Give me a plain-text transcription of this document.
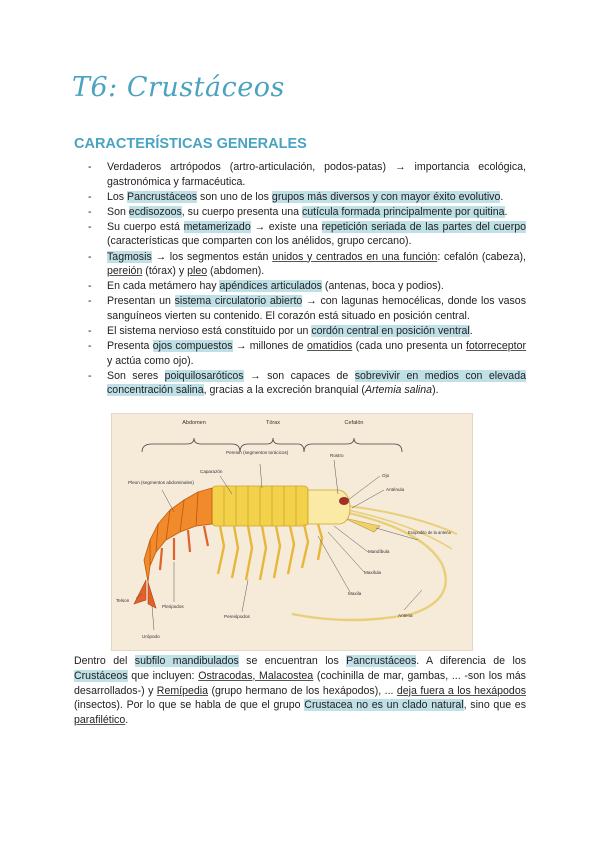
T6: Crustáceos
CARACTERÍSTICAS GENERALES
- Verdaderos artrópodos (artro-articulación, podos-patas) → importancia ecológica, gastronómica y farmacéutica.
- Los Pancrustáceos son uno de los grupos más diversos y con mayor éxito evolutivo.
- Son ecdisozoos, su cuerpo presenta una cutícula formada principalmente por quitina.
- Su cuerpo está metamerizado → existe una repetición seriada de las partes del cuerpo (características que comparten con los anélidos, grupo cercano).
- Tagmosis → los segmentos están unidos y centrados en una función: cefalón (cabeza), pereión (tórax) y pleo (abdomen).
- En cada metámero hay apéndices articulados (antenas, boca y podios).
- Presentan un sistema circulatorio abierto → con lagunas hemocélicas, donde los vasos sanguíneos vierten su contenido. El corazón está situado en posición central.
- El sistema nervioso está constituido por un cordón central en posición ventral.
- Presenta ojos compuestos → millones de omatidios (cada uno presenta un fotorreceptor y actúa como ojo).
- Son seres poiquilosaróticos → son capaces de sobrevivir en medios con elevada concentración salina, gracias a la excreción branquial (Artemia salina).
Abdomen	Tórax	Cefalón
Pereion (segmentos torácicos)
Caparazón
Pleon (segmentos abdominales)
Rostro
Ojo
Anténula
Exopodito de la antena
Mandíbula
Maxílula
Maxila
Antena
Telson
Pleópodos
Pereiópodos
Urópodo

Dentro del subfilo mandibulados se encuentran los Pancrustáceos. A diferencia de los Crustáceos que incluyen: Ostracodas, Malacostea (cochinilla de mar, gambas, ... -son los más desarrollados-) y Remípedia (grupo hermano de los hexápodos), ... deja fuera a los hexápodos (insectos). Por lo que se habla de que el grupo Crustacea no es un clado natural, sino que es parafilético.
